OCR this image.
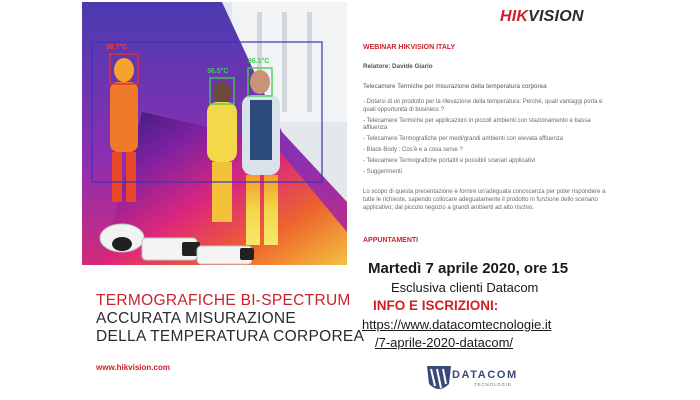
36.7°C
36.5°C
36.1°C
TERMOGRAFICHE BI-SPECTRUM
ACCURATA MISURAZIONE
DELLA TEMPERATURA CORPOREA
www.hikvision.com
HIKVISION
WEBINAR HIKVISION ITALY
Relatore: Davide Giario
Telecamere Termiche per misurazione della temperatura corporea
- Dotarsi di un prodotto per la rilevazione della temperatura: Perché, quali vantaggi porta e quali opportunità di business ?
- Telecamere Termiche per applicazioni in piccoli ambienti con stazionamento e bassa affluenza
- Telecamere Termografiche per medi/grandi ambienti con elevata affluenza
- Black-Body : Cos'è e a cosa serve ?
- Telecamere Termografiche portatili e possibili scenari applicativi
- Suggerimenti
Lo scopo di questa presentazione è fornire un'adeguata conoscenza per poter rispondere a tutte le richieste, sapendo collocare adeguatamente il prodotto in funzione dello scenario applicativo; dal piccolo negozio a grandi ambienti ad alto rischio.
APPUNTAMENTI
Martedì 7 aprile 2020, ore 15
Esclusiva clienti Datacom
INFO E ISCRIZIONI:
https://www.datacomtecnologie.it
/7-aprile-2020-datacom/
DATACOM
TECNOLOGIE
